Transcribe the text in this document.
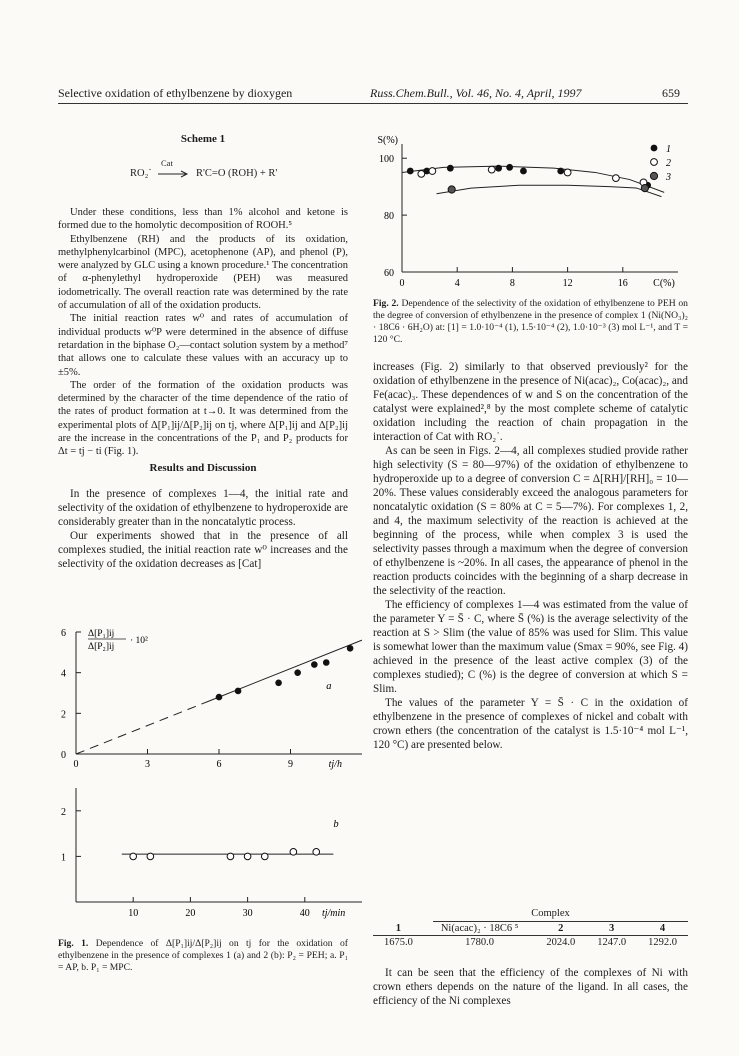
Selective oxidation of ethylbenzene by dioxygen	Russ.Chem.Bull., Vol. 46, No. 4, April, 1997	659
Scheme 1
RO₂˙
Cat
→ R'C=O (ROH) + R'

Under these conditions, less than 1% alcohol and ketone is formed due to the homolytic decomposition of ROOH.⁵

Ethylbenzene (RH) and the products of its oxidation, methylphenylcarbinol (MPC), acetophenone (AP), and phenol (P), were analyzed by GLC using a known procedure.¹ The concentration of α-phenylethyl hydroperoxide (PEH) was measured iodometrically. The overall reaction rate was determined by the rate of accumulation of all of the oxidation products.

The initial reaction rates w⁰ and rates of accumulation of individual products w⁰P were determined in the absence of diffuse retardation in the biphase O₂—contact solution system by a method⁷ that allows one to calculate these values with an accuracy up to ±5%.

The order of the formation of the oxidation products was determined by the character of the time dependence of the ratio of the rates of product formation at t→0. It was determined from the experimental plots of Δ[P₁]ij/Δ[P₂]ij on tj, where Δ[P₁]ij and Δ[P₂]ij are the increase in the concentrations of the P₁ and P₂ products for Δt = tj − ti (Fig. 1).

Results and Discussion

In the presence of complexes 1—4, the initial rate and selectivity of the oxidation of ethylbenzene to hydroperoxide are considerably greater than in the noncatalytic process.

Our experiments showed that in the presence of all complexes studied, the initial reaction rate w⁰ increases and the selectivity of the oxidation decreases as [Cat]

0	3	6	9
0
2
4
6
tj/h
Δ[P₁]ij
Δ[P₂]ij
· 10²
a
10	20	30	40
1
2
tj/min
b
Fig. 1. Dependence of Δ[P₁]ij/Δ[P₂]ij on tj for the oxidation of ethylbenzene in the presence of complexes 1 (a) and 2 (b): P₂ = PEH; a. P₁ = AP, b. P₁ = MPC.
0	4	8	12	16
60
80
100
S(%)
C(%)
1
2
3
Fig. 2. Dependence of the selectivity of the oxidation of ethylbenzene to PEH on the degree of conversion of ethylbenzene in the presence of complex 1 (Ni(NO₃)₂ · 18C6 · 6H₂O) at: [1] = 1.0·10⁻⁴ (1), 1.5·10⁻⁴ (2), 1.0·10⁻³ (3) mol L⁻¹, and T = 120 °C.

increases (Fig. 2) similarly to that observed previously² for the oxidation of ethylbenzene in the presence of Ni(acac)₂, Co(acac)₂, and Fe(acac)₃. These dependences of w and S on the concentration of the catalyst were explained²,⁸ by the most complete scheme of catalytic oxidation including the reaction of chain propagation in the interaction of Cat with RO₂˙.

As can be seen in Figs. 2—4, all complexes studied provide rather high selectivity (S = 80—97%) of the oxidation of ethylbenzene to hydroperoxide up to a degree of conversion C = Δ[RH]/[RH]₀ = 10—20%. These values considerably exceed the analogous parameters for noncatalytic oxidation (S = 80% at C = 5—7%). For complexes 1, 2, and 4, the maximum selectivity of the reaction is achieved at the beginning of the process, while when complex 3 is used the selectivity passes through a maximum when the degree of conversion of ethylbenzene is ~20%. In all cases, the appearance of phenol in the reaction products coincides with the beginning of a sharp decrease in the selectivity of the reaction.

The efficiency of complexes 1—4 was estimated from the value of the parameter Y = S̄ · C, where S̄ (%) is the average selectivity of the reaction at S > Slim (the value of 85% was used for Slim. This value is somewhat lower than the maximum value (Smax = 90%, see Fig. 4) achieved in the presence of the least active complex (3) of the complexes studied); C (%) is the degree of conversion at which S = Slim.

The values of the parameter Y = S̄ · C in the oxidation of ethylbenzene in the presence of complexes of nickel and cobalt with crown ethers (the concentration of the catalyst is 1.5·10⁻⁴ mol L⁻¹, 120 °C) are presented below.

Complex
1	Ni(acac)₂ · 18C6 ⁵	2	3	4
1675.0	1780.0	2024.0	1247.0	1292.0

It can be seen that the efficiency of the complexes of Ni with crown ethers depends on the nature of the ligand. In all cases, the efficiency of the Ni complexes
